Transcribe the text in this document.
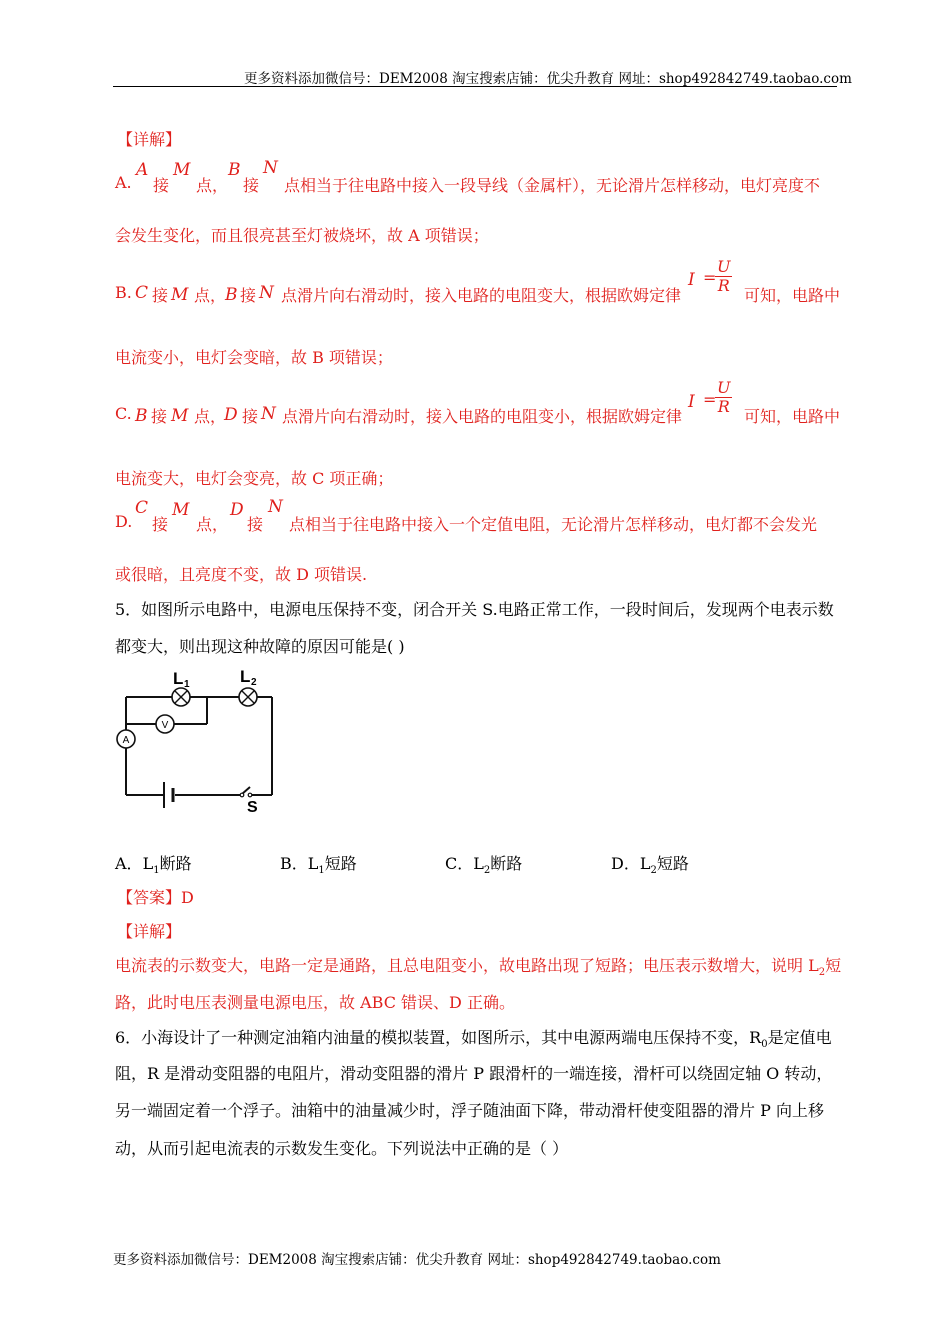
更多资料添加微信号：DEM2008 淘宝搜索店铺：优尖升教育 网址：shop492842749.taobao.com
【详解】
A.
A
接
M
点，
B
接
N
点相当于往电路中接入一段导线（金属杆），无论滑片怎样移动，电灯亮度不
会发生变化，而且很亮甚至灯被烧坏，故 A 项错误；
B. C 接 M 点，
B 接 N 点滑片向右滑动时，接入电路的电阻变大，根据欧姆定律
I =
$\frac{U}{R}$
可知，电路中
电流变小，电灯会变暗，故 B 项错误；
C. B 接 M 点，
D 接 N 点滑片向右滑动时，接入电路的电阻变小，根据欧姆定律
I =
$\frac{U}{R}$
可知，电路中
电流变大，电灯会变亮，故 C 项正确；
D.
C
接
M
点，
D
接
N
点相当于往电路中接入一个定值电阻，无论滑片怎样移动，电灯都不会发光
或很暗，且亮度不变，故 D 项错误.
5．如图所示电路中，电源电压保持不变，闭合开关 S.电路正常工作，一段时间后，发现两个电表示数
都变大，则出现这种故障的原因可能是( )
V
A
L 1	L 2
S
A．$L_1$断路	B．$L_1$短路	C．$L_2$断路	D．$L_2$短路
【答案】D
【详解】
电流表的示数变大，电路一定是通路，且总电阻变小，故电路出现了短路；电压表示数增大，说明 $L_2$短
路，此时电压表测量电源电压，故 ABC 错误、D 正确。
6．小海设计了一种测定油箱内油量的模拟装置，如图所示，其中电源两端电压保持不变，$R_0$是定值电
阻，R 是滑动变阻器的电阻片，滑动变阻器的滑片 P 跟滑杆的一端连接，滑杆可以绕固定轴 O 转动，
另一端固定着一个浮子。油箱中的油量减少时，浮子随油面下降，带动滑杆使变阻器的滑片 P 向上移
动，从而引起电流表的示数发生变化。下列说法中正确的是（ ）
更多资料添加微信号：DEM2008 淘宝搜索店铺：优尖升教育 网址：shop492842749.taobao.com
